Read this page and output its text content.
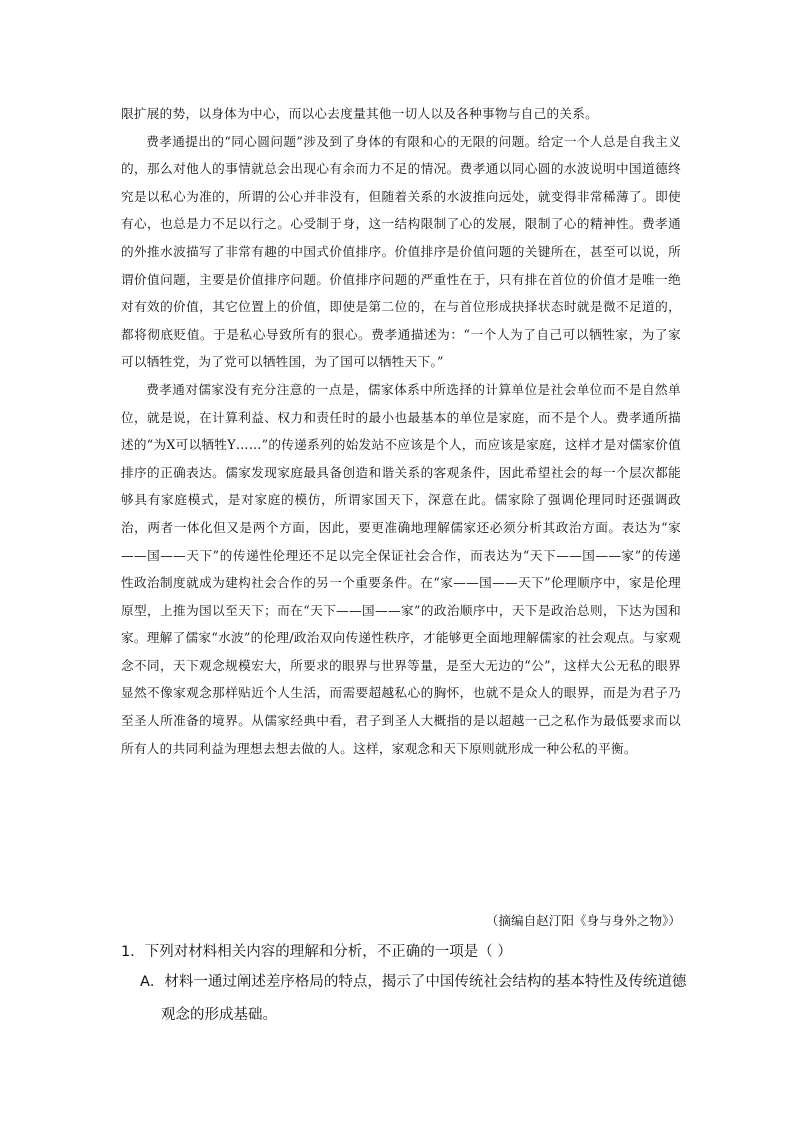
限扩展的势，以身体为中心，而以心去度量其他一切人以及各种事物与自己的关系。

费孝通提出的“同心圆问题”涉及到了身体的有限和心的无限的问题。给定一个人总是自我主义的，那么对他人的事情就总会出现心有余而力不足的情况。费孝通以同心圆的水波说明中国道德终究是以私心为准的，所谓的公心并非没有，但随着关系的水波推向远处，就变得非常稀薄了。即使有心，也总是力不足以行之。心受制于身，这一结构限制了心的发展，限制了心的精神性。费孝通的外推水波描写了非常有趣的中国式价值排序。价值排序是价值问题的关键所在，甚至可以说，所谓价值问题，主要是价值排序问题。价值排序问题的严重性在于，只有排在首位的价值才是唯一绝对有效的价值，其它位置上的价值，即使是第二位的，在与首位形成抉择状态时就是微不足道的，都将彻底贬值。于是私心导致所有的狠心。费孝通描述为：“一个人为了自己可以牺牲家，为了家可以牺牲党，为了党可以牺牲国，为了国可以牺牲天下。”

费孝通对儒家没有充分注意的一点是，儒家体系中所选择的计算单位是社会单位而不是自然单位，就是说，在计算利益、权力和责任时的最小也最基本的单位是家庭，而不是个人。费孝通所描述的“为X可以牺牲Y……”的传递系列的始发站不应该是个人，而应该是家庭，这样才是对儒家价值排序的正确表达。儒家发现家庭最具备创造和谐关系的客观条件，因此希望社会的每一个层次都能够具有家庭模式，是对家庭的模仿，所谓家国天下，深意在此。儒家除了强调伦理同时还强调政治，两者一体化但又是两个方面，因此，要更准确地理解儒家还必须分析其政治方面。表达为“家——国——天下”的传递性伦理还不足以完全保证社会合作，而表达为“天下——国——家”的传递性政治制度就成为建构社会合作的另一个重要条件。在“家——国——天下”伦理顺序中，家是伦理原型，上推为国以至天下；而在“天下——国——家”的政治顺序中，天下是政治总则，下达为国和家。理解了儒家“水波”的伦理/政治双向传递性秩序，才能够更全面地理解儒家的社会观点。与家观念不同，天下观念规模宏大，所要求的眼界与世界等量，是至大无边的“公”，这样大公无私的眼界显然不像家观念那样贴近个人生活，而需要超越私心的胸怀，也就不是众人的眼界，而是为君子乃至圣人所准备的境界。从儒家经典中看，君子到圣人大概指的是以超越一己之私作为最低要求而以所有人的共同利益为理想去想去做的人。这样，家观念和天下原则就形成一种公私的平衡。

（摘编自赵汀阳《身与身外之物》）

1．下列对材料相关内容的理解和分析，不正确的一项是（ ）

A．材料一通过阐述差序格局的特点，揭示了中国传统社会结构的基本特性及传统道德

观念的形成基础。
